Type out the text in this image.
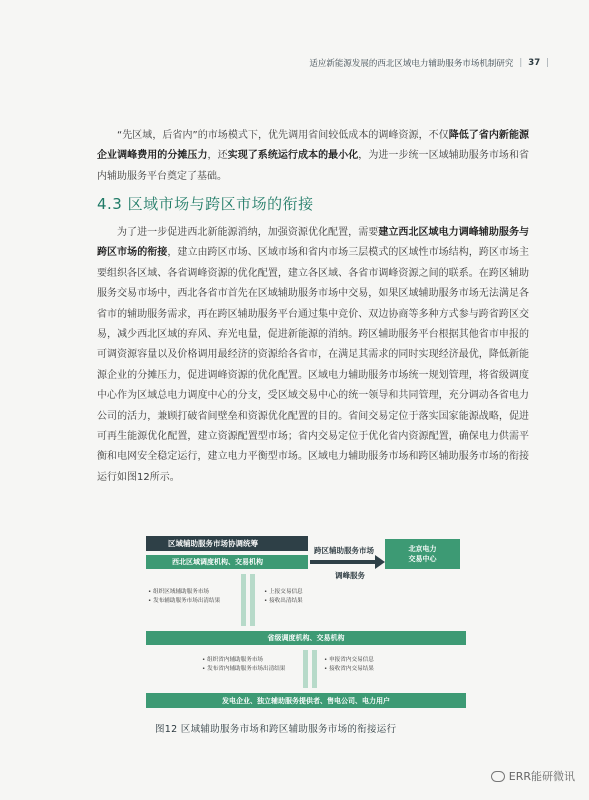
适应新能源发展的西北区域电力辅助服务市场机制研究 | 37 |
“先区域，后省内”的市场模式下，优先调用省间较低成本的调峰资源，不仅降低了省内新能源企业调峰费用的分摊压力，还实现了系统运行成本的最小化，为进一步统一区域辅助服务市场和省内辅助服务平台奠定了基础。
4.3 区域市场与跨区市场的衔接
为了进一步促进西北新能源消纳，加强资源优化配置，需要建立西北区域电力调峰辅助服务与跨区市场的衔接，建立由跨区市场、区域市场和省内市场三层模式的区域性市场结构，跨区市场主要组织各区域、各省调峰资源的优化配置，建立各区域、各省市调峰资源之间的联系。在跨区辅助服务交易市场中，西北各省市首先在区域辅助服务市场中交易，如果区域辅助服务市场无法满足各省市的辅助服务需求，再在跨区辅助服务平台通过集中竞价、双边协商等多种方式参与跨省跨区交易，减少西北区域的弃风、弃光电量，促进新能源的消纳。跨区辅助服务平台根据其他省市申报的可调资源容量以及价格调用最经济的资源给各省市，在满足其需求的同时实现经济最优，降低新能源企业的分摊压力，促进调峰资源的优化配置。区域电力辅助服务市场统一规划管理，将省级调度中心作为区域总电力调度中心的分支，受区域交易中心的统一领导和共同管理，充分调动各省电力公司的活力，兼顾打破省间壁垒和资源优化配置的目的。省间交易定位于落实国家能源战略，促进可再生能源优化配置，建立资源配置型市场；省内交易定位于优化省内资源配置，确保电力供需平衡和电网安全稳定运行，建立电力平衡型市场。区域电力辅助服务市场和跨区辅助服务市场的衔接运行如图12所示。
区域辅助服务市场协调统筹
西北区域调度机构、交易机构
跨区辅助服务市场
调峰服务
北京电力
交易中心
• 组织区域辅助服务市场
• 发布辅助服务市场出清结果
• 上报交易信息
• 接收出清结果
省级调度机构、交易机构
• 组织省内辅助服务市场
• 发布省内辅助服务市场出清结果
• 申报省内交易信息
• 接收省内交易结果
发电企业、独立辅助服务提供者、售电公司、电力用户
图12 区域辅助服务市场和跨区辅助服务市场的衔接运行
ERR能研微讯
